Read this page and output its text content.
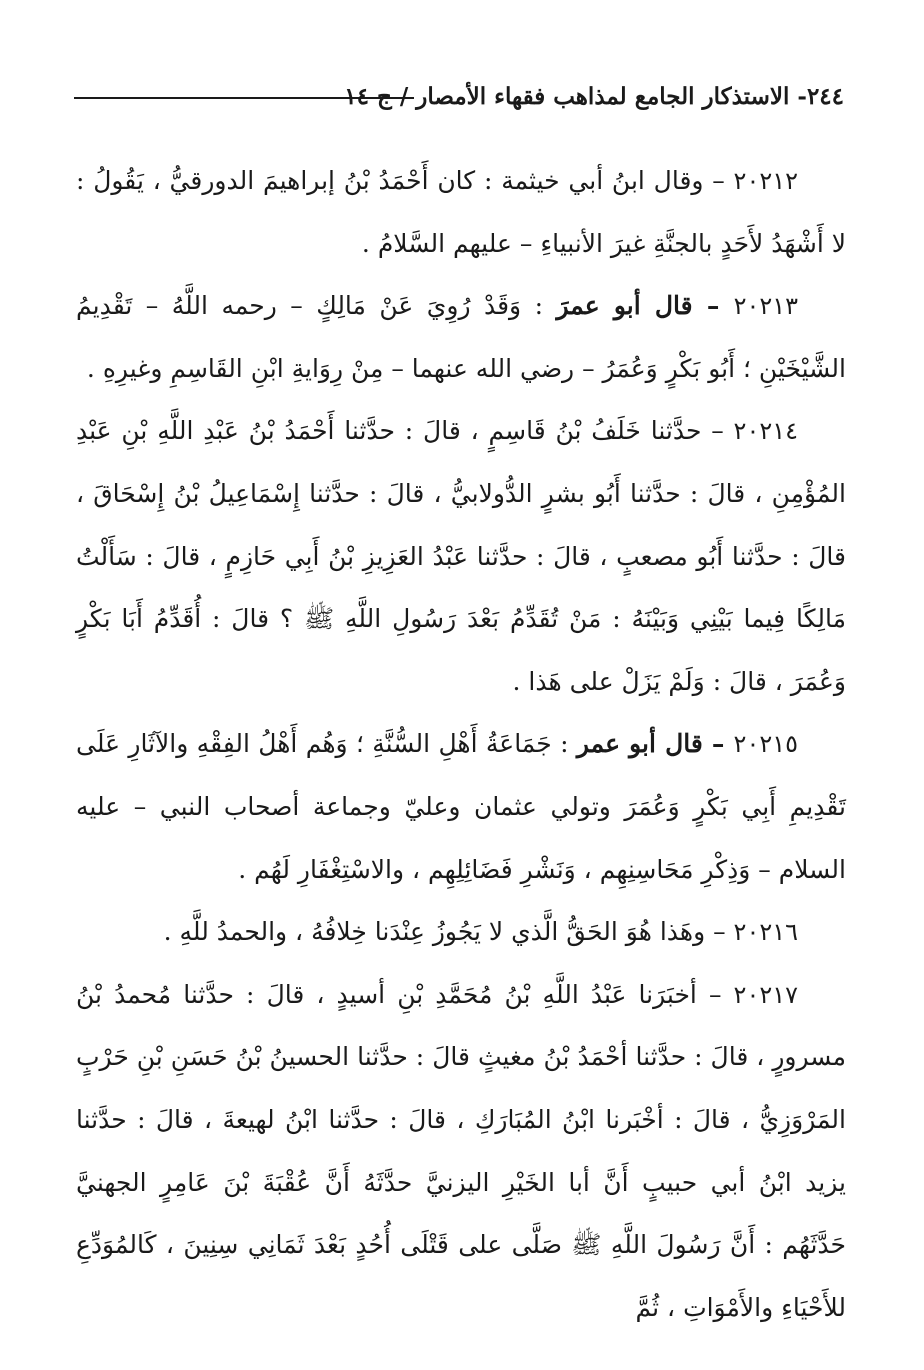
٢٤٤- الاستذكار الجامع لمذاهب فقهاء الأمصار / ج ١٤

٢٠٢١٢ – وقال ابنُ أبي خيثمة : كان أَحْمَدُ بْنُ إبراهيمَ الدورقيُّ ، يَقُولُ : لا أَشْهَدُ لأَحَدٍ بالجنَّةِ غيرَ الأنبياءِ – عليهم السَّلامُ .

٢٠٢١٣ – قال أبو عمرَ : وَقَدْ رُوِيَ عَنْ مَالِكٍ – رحمه اللَّهُ – تَقْدِيمُ الشَّيْخَيْنِ ؛ أَبُو بَكْرٍ وَعُمَرُ – رضي الله عنهما – مِنْ رِوَايةِ ابْنِ القَاسِمِ وغيرِهِ .

٢٠٢١٤ – حدَّثنا خَلَفُ بْنُ قَاسِمٍ ، قالَ : حدَّثنا أَحْمَدُ بْنُ عَبْدِ اللَّهِ بْنِ عَبْدِ المُؤْمِنِ ، قالَ : حدَّثنا أَبُو بشرٍ الدُّولابيُّ ، قالَ : حدَّثنا إِسْمَاعِيلُ بْنُ إِسْحَاقَ ، قالَ : حدَّثنا أَبُو مصعبٍ ، قالَ : حدَّثنا عَبْدُ العَزِيزِ بْنُ أَبِي حَازِمٍ ، قالَ : سَأَلْتُ مَالِكًا فِيما بَيْنِي وَبَيْنَهُ : مَنْ تُقَدِّمُ بَعْدَ رَسُولِ اللَّهِ ﷺ ؟ قالَ : أُقَدِّمُ أَبَا بَكْرٍ وَعُمَرَ ، قالَ : وَلَمْ يَزَلْ على هَذا .

٢٠٢١٥ – قال أبو عمر : جَمَاعَةُ أَهْلِ السُّنَّةِ ؛ وَهُم أَهْلُ الفِقْهِ والآثَارِ عَلَى تَقْدِيمِ أَبِي بَكْرٍ وَعُمَرَ وتولي عثمان وعليّ وجماعة أصحاب النبي – عليه السلام – وَذِكْرِ مَحَاسِنِهِم ، وَنَشْرِ فَضَائِلِهِم ، والاسْتِغْفَارِ لَهُم .

٢٠٢١٦ – وهَذا هُوَ الحَقُّ الَّذي لا يَجُوزُ عِنْدَنا خِلافُهُ ، والحمدُ للَّهِ .

٢٠٢١٧ – أخبَرَنا عَبْدُ اللَّهِ بْنُ مُحَمَّدِ بْنِ أسيدٍ ، قالَ : حدَّثنا مُحمدُ بْنُ مسرورٍ ، قالَ : حدَّثنا أحْمَدُ بْنُ مغيثٍ قالَ : حدَّثنا الحسينُ بْنُ حَسَنِ بْنِ حَرْبٍ المَرْوَزِيُّ ، قالَ : أخْبَرنا ابْنُ المُبَارَكِ ، قالَ : حدَّثنا ابْنُ لهيعةَ ، قالَ : حدَّثنا يزيد ابْنُ أبي حبيبٍ أَنَّ أبا الخَيْرِ اليزنيَّ حدَّثَهُ أَنَّ عُقْبَةَ بْنَ عَامِرٍ الجهنيَّ حَدَّثَهُم : أَنَّ رَسُولَ اللَّهِ ﷺ صَلَّى على قَتْلَى أُحُدٍ بَعْدَ ثَمَانِي سِنِينَ ، كَالمُوَدِّعِ للأَحْيَاءِ والأَمْوَاتِ ، ثُمَّ
